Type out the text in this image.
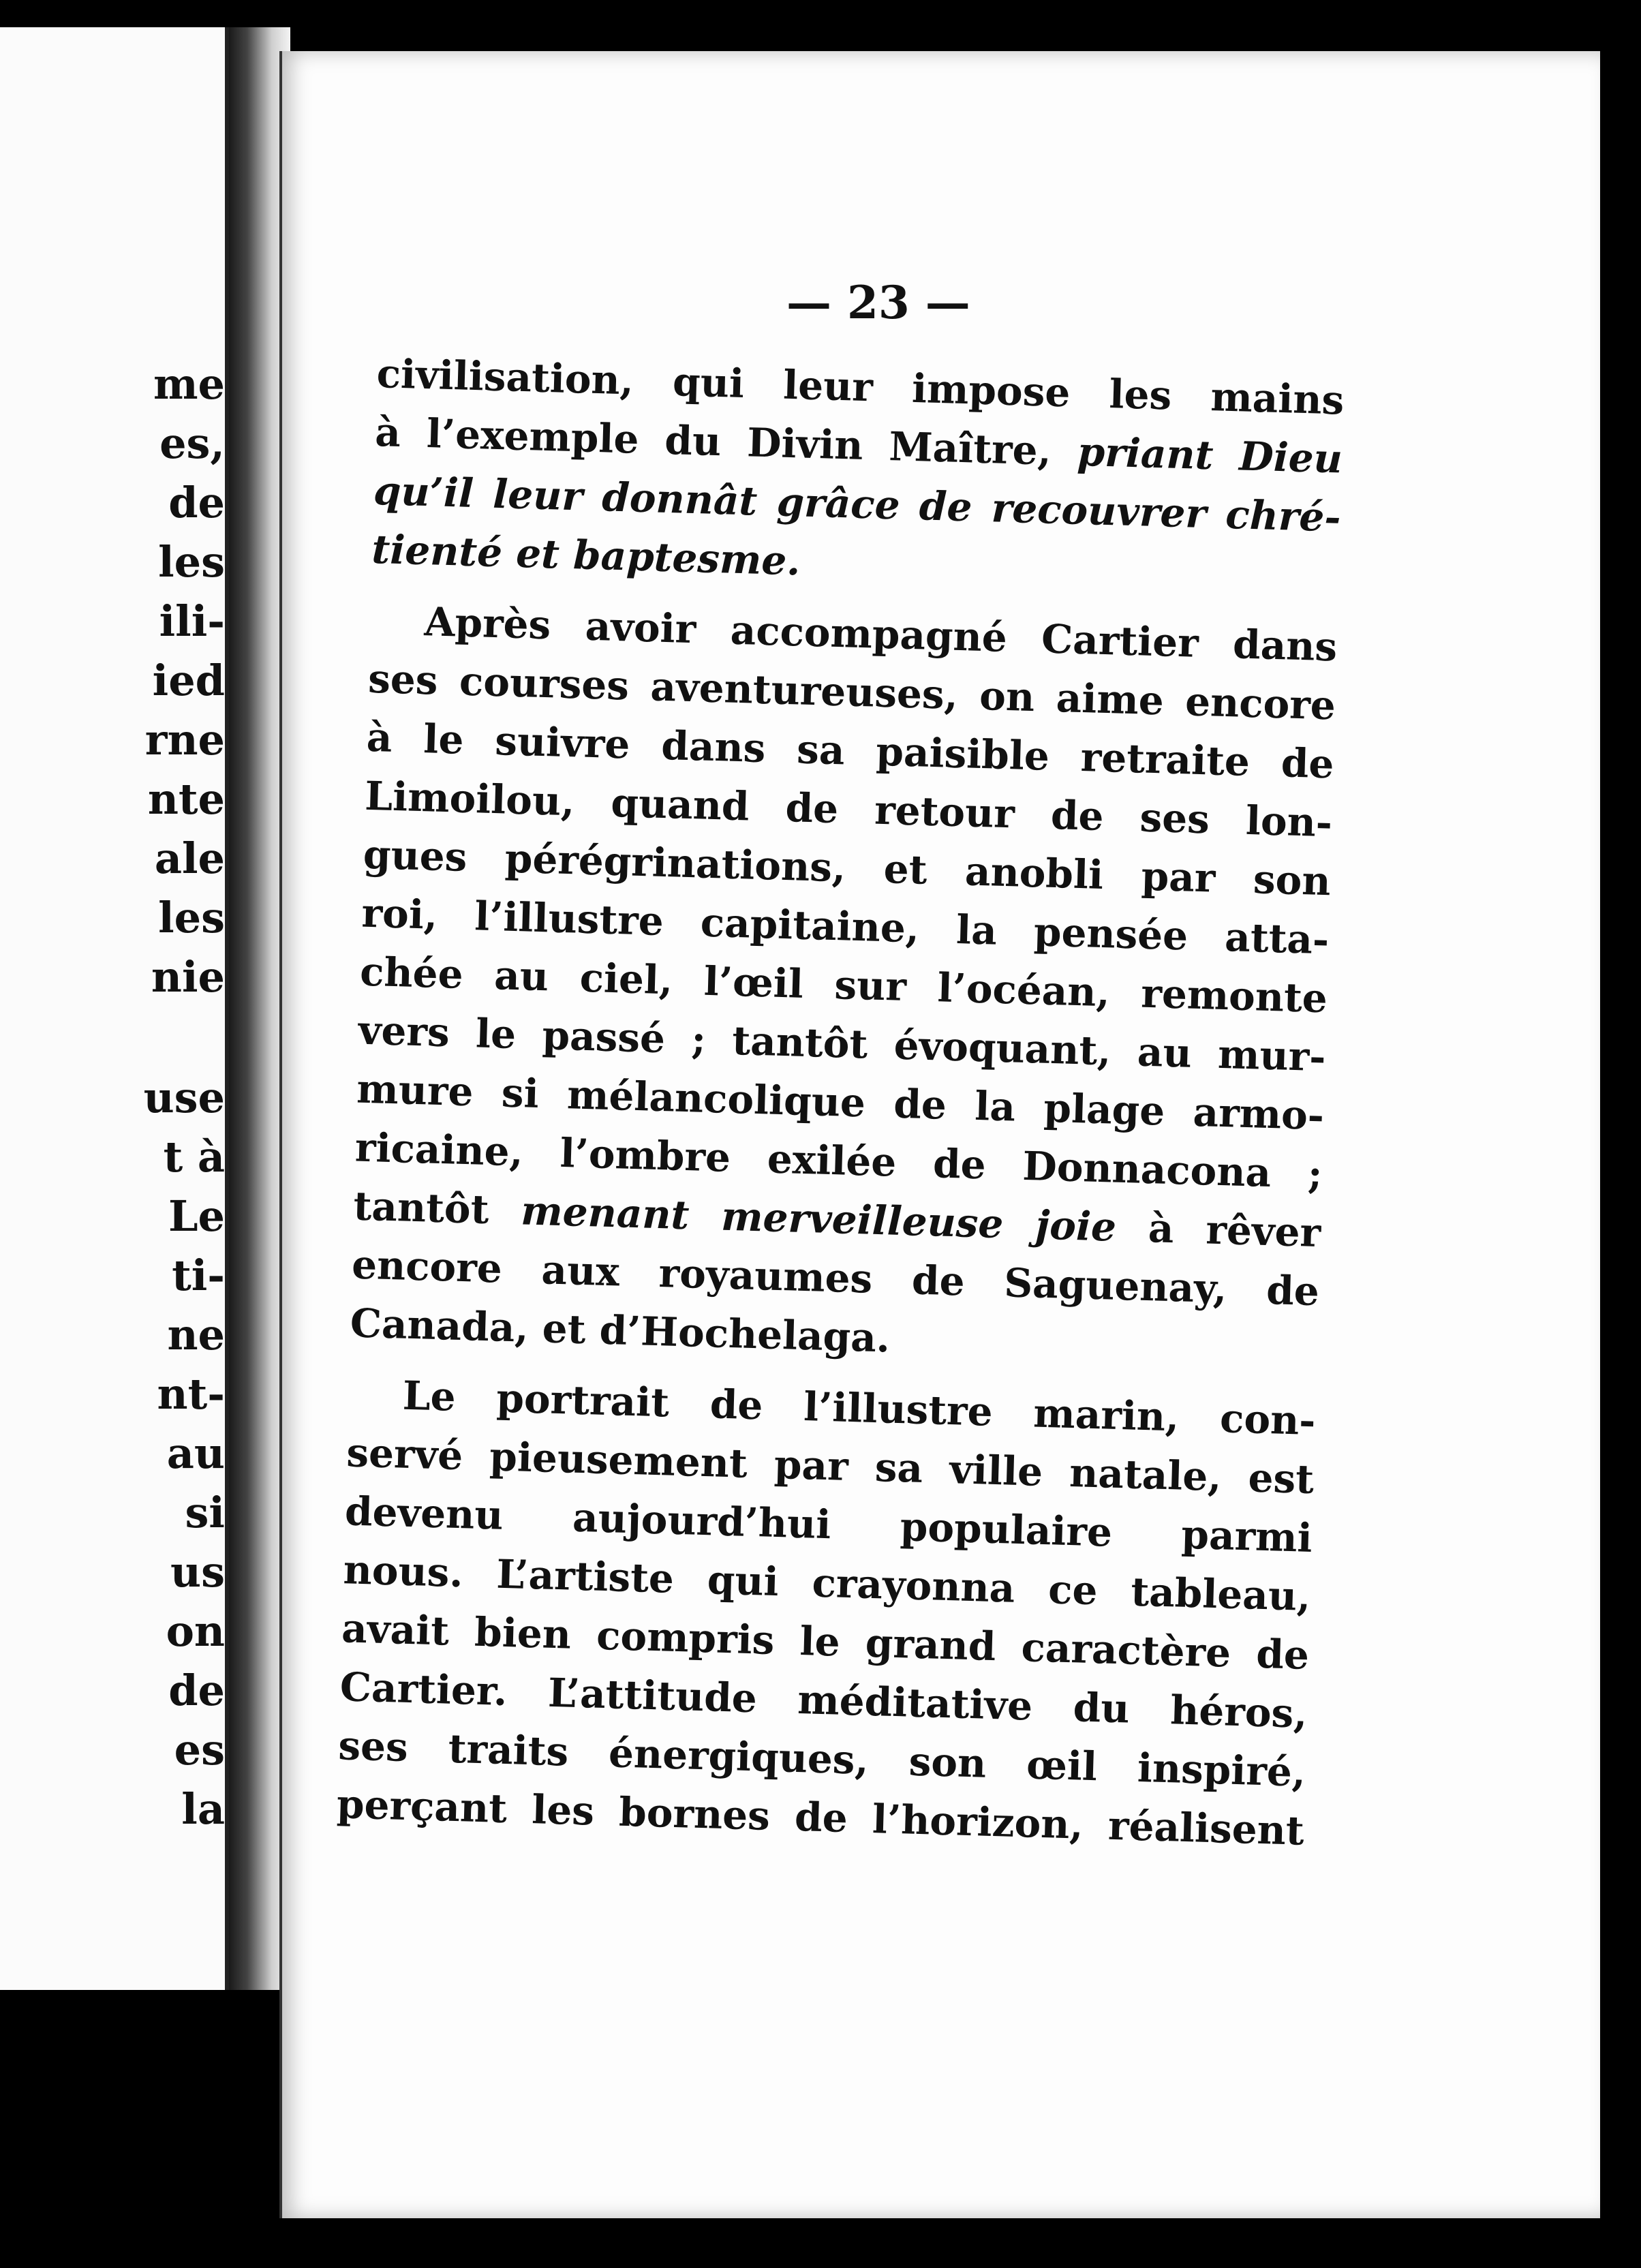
me
es,
de
les
ili-
ied
rne
nte
ale
les
nie
use
t à
Le
ti-
ne
nt-
au
si
us
on
de
es
la
— 23 —
civilisation, qui leur impose les mains
à l’exemple du Divin Maître, priant Dieu
qu’il leur donnât grâce de recouvrer chré-
tienté et baptesme.
Après avoir accompagné Cartier dans
ses courses aventureuses, on aime encore
à le suivre dans sa paisible retraite de
Limoilou, quand de retour de ses lon-
gues pérégrinations, et anobli par son
roi, l’illustre capitaine, la pensée atta-
chée au ciel, l’œil sur l’océan, remonte
vers le passé ; tantôt évoquant, au mur-
mure si mélancolique de la plage armo-
ricaine, l’ombre exilée de Donnacona ;
tantôt menant merveilleuse joie à rêver
encore aux royaumes de Saguenay, de
Canada, et d’Hochelaga.
Le portrait de l’illustre marin, con-
servé pieusement par sa ville natale, est
devenu aujourd’hui populaire parmi
nous. L’artiste qui crayonna ce tableau,
avait bien compris le grand caractère de
Cartier. L’attitude méditative du héros,
ses traits énergiques, son œil inspiré,
perçant les bornes de l’horizon, réalisent
